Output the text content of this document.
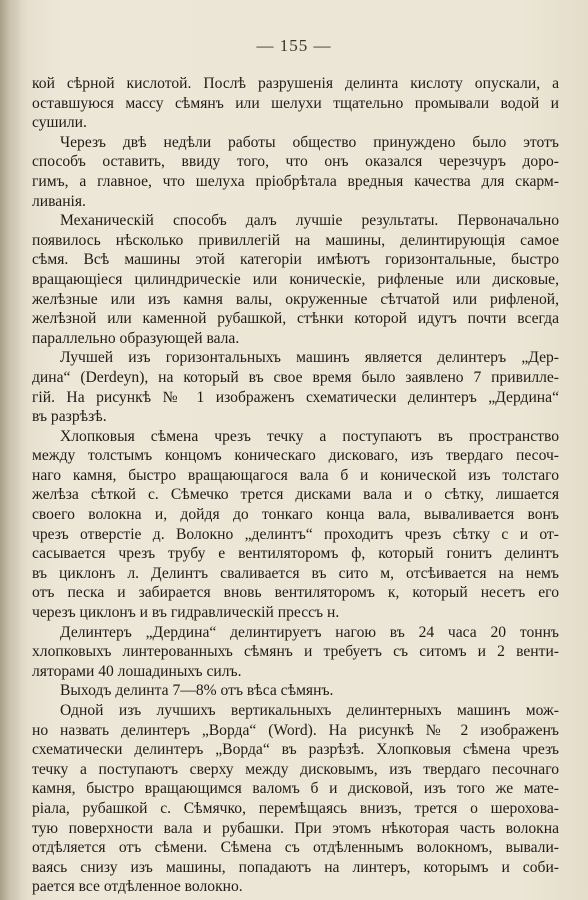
— 155 —

кой сѣрной кислотой. Послѣ разрушенія делинта кислоту опускали, а
оставшуюся массу сѣмянъ или шелухи тщательно промывали водой и
сушили.

Черезъ двѣ недѣли работы общество принуждено было этотъ
способъ оставить, ввиду того, что онъ оказался черезчуръ доро-
гимъ, а главное, что шелуха пріобрѣтала вредныя качества для скарм-
ливанія.

Механическій способъ далъ лучшіе результаты. Первоначально
появилось нѣсколько привиллегій на машины, делинтирующія самое
сѣмя. Всѣ машины этой категоріи имѣютъ горизонтальные, быстро
вращающіеся цилиндрическіе или коническіе, рифленые или дисковые,
желѣзные или изъ камня валы, окруженные сѣтчатой или рифленой,
желѣзной или каменной рубашкой, стѣнки которой идутъ почти всегда
параллельно образующей вала.

Лучшей изъ горизонтальныхъ машинъ является делинтеръ „Дер-
дина“ (Derdeyn), на который въ свое время было заявлено 7 привилле-
гій. На рисункѣ № 1 изображенъ схематически делинтеръ „Дердина“
въ разрѣзѣ.

Хлопковыя сѣмена чрезъ течку а поступаютъ въ пространство
между толстымъ концомъ коническаго дисковаго, изъ твердаго песоч-
наго камня, быстро вращающагося вала б и конической изъ толстаго
желѣза сѣткой с. Сѣмечко трется дисками вала и о сѣтку, лишается
своего волокна и, дойдя до тонкаго конца вала, вываливается вонъ
чрезъ отверстіе д. Волокно „делинтъ“ проходитъ чрезъ сѣтку с и от-
сасывается чрезъ трубу е вентиляторомъ ф, который гонитъ делинтъ
въ циклонъ л. Делинтъ сваливается въ сито м, отсѣивается на немъ
отъ песка и забирается вновь вентиляторомъ к, который несетъ его
черезъ циклонъ и въ гидравлическій прессъ н.

Делинтеръ „Дердина“ делинтируетъ нагою въ 24 часа 20 тоннъ
хлопковыхъ линтерованныхъ сѣмянъ и требуетъ съ ситомъ и 2 венти-
ляторами 40 лошадиныхъ силъ.

Выходъ делинта 7—8% отъ вѣса сѣмянъ.

Одной изъ лучшихъ вертикальныхъ делинтерныхъ машинъ мож-
но назвать делинтеръ „Ворда“ (Word). На рисункѣ № 2 изображенъ
схематически делинтеръ „Ворда“ въ разрѣзѣ. Хлопковыя сѣмена чрезъ
течку а поступаютъ сверху между дисковымъ, изъ твердаго песочнаго
камня, быстро вращающимся валомъ б и дисковой, изъ того же мате-
ріала, рубашкой с. Сѣмячко, перемѣщаясь внизъ, трется о шерохова-
тую поверхности вала и рубашки. При этомъ нѣкоторая часть волокна
отдѣляется отъ сѣмени. Сѣмена съ отдѣленнымъ волокномъ, вывали-
ваясь снизу изъ машины, попадаютъ на линтеръ, которымъ и соби-
рается все отдѣленное волокно.
